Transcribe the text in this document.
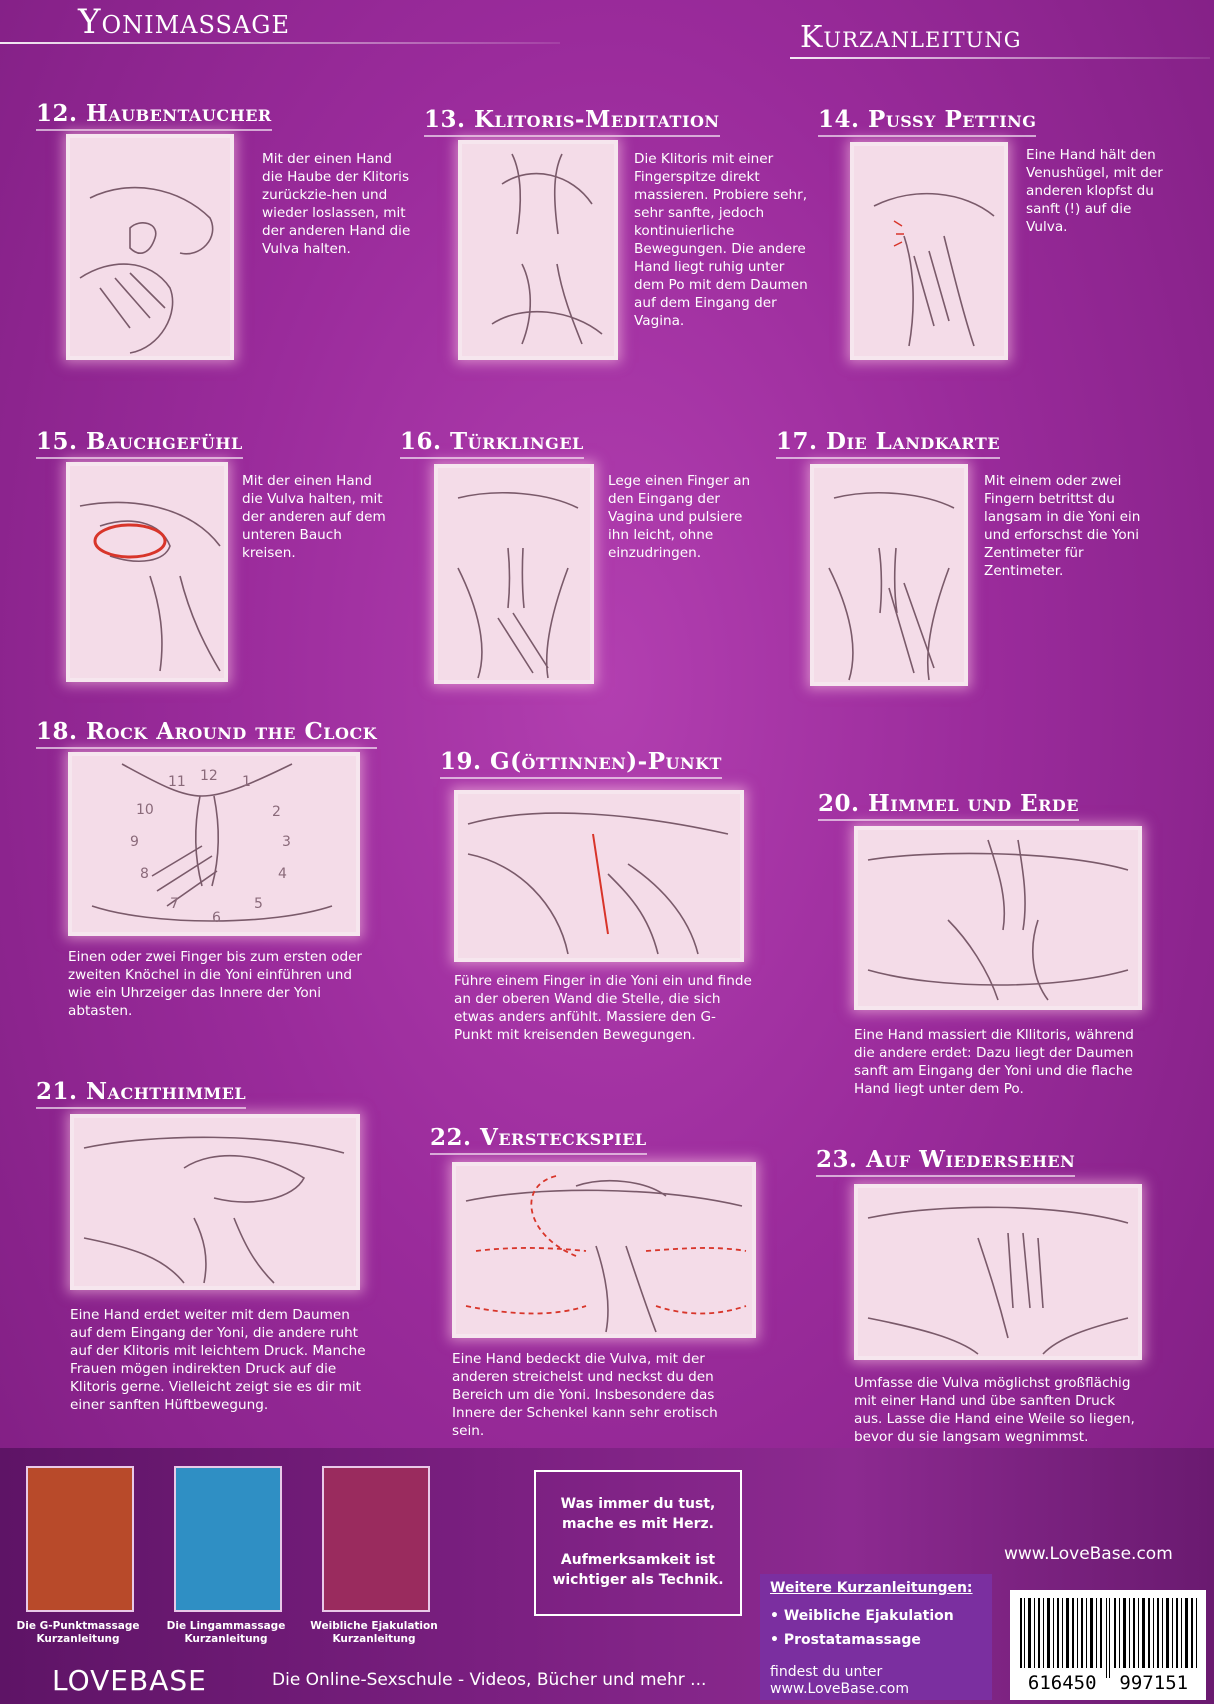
Yonimassage	Kurzanleitung
12. Haubentaucher
Mit der einen Hand die Haube der Klitoris zurückzie-hen und wieder loslassen, mit der anderen Hand die Vulva halten.
13. Klitoris-Meditation
Die Klitoris mit einer Fingerspitze direkt massieren. Probiere sehr, sehr sanfte, jedoch kontinuierliche Bewegungen. Die andere Hand liegt ruhig unter dem Po mit dem Daumen auf dem Eingang der Vagina.
14. Pussy Petting
Eine Hand hält den Venushügel, mit der anderen klopfst du sanft (!) auf die Vulva.
15. Bauchgefühl
Mit der einen Hand die Vulva halten, mit der anderen auf dem unteren Bauch kreisen.
16. Türklingel
Lege einen Finger an den Eingang der Vagina und pulsiere ihn leicht, ohne einzudringen.
17. Die Landkarte
Mit einem oder zwei Fingern betrittst du langsam in die Yoni ein und erforschst die Yoni Zentimeter für Zentimeter.
18. Rock Around the Clock
12 1
2
3
4
5
6
7
8
9
10
11
Einen oder zwei Finger bis zum ersten oder zweiten Knöchel in die Yoni einführen und wie ein Uhrzeiger das Innere der Yoni abtasten.
19. G(öttinnen)-Punkt
Führe einem Finger in die Yoni ein und finde an der oberen Wand die Stelle, die sich etwas anders anfühlt. Massiere den G-Punkt mit kreisenden Bewegungen.
20. Himmel und Erde
Eine Hand massiert die Kllitoris, während die andere erdet: Dazu liegt der Daumen sanft am Eingang der Yoni und die flache Hand liegt unter dem Po.
21. Nachthimmel
Eine Hand erdet weiter mit dem Daumen auf dem Eingang der Yoni, die andere ruht auf der Klitoris mit leichtem Druck. Manche Frauen mögen indirekten Druck auf die Klitoris gerne. Vielleicht zeigt sie es dir mit einer sanften Hüftbewegung.
22. Versteckspiel
Eine Hand bedeckt die Vulva, mit der anderen streichelst und neckst du den Bereich um die Yoni. Insbesondere das Innere der Schenkel kann sehr erotisch sein.
23. Auf Wiedersehen
Umfasse die Vulva möglichst großflächig mit einer Hand und übe sanften Druck aus. Lasse die Hand eine Weile so liegen, bevor du sie langsam wegnimmst.
Die G-Punktmassage
Kurzanleitung
Die Lingammassage
Kurzanleitung
Weibliche Ejakulation
Kurzanleitung
Was immer du tust, mache es mit Herz.
Aufmerksamkeit ist wichtiger als Technik.
www.LoveBase.com
Weitere Kurzanleitungen:
• Weibliche Ejakulation
• Prostatamassage
findest du unter
www.LoveBase.com	616450  997151
LOVEBASE	Die Online-Sexschule - Videos, Bücher und mehr ...
